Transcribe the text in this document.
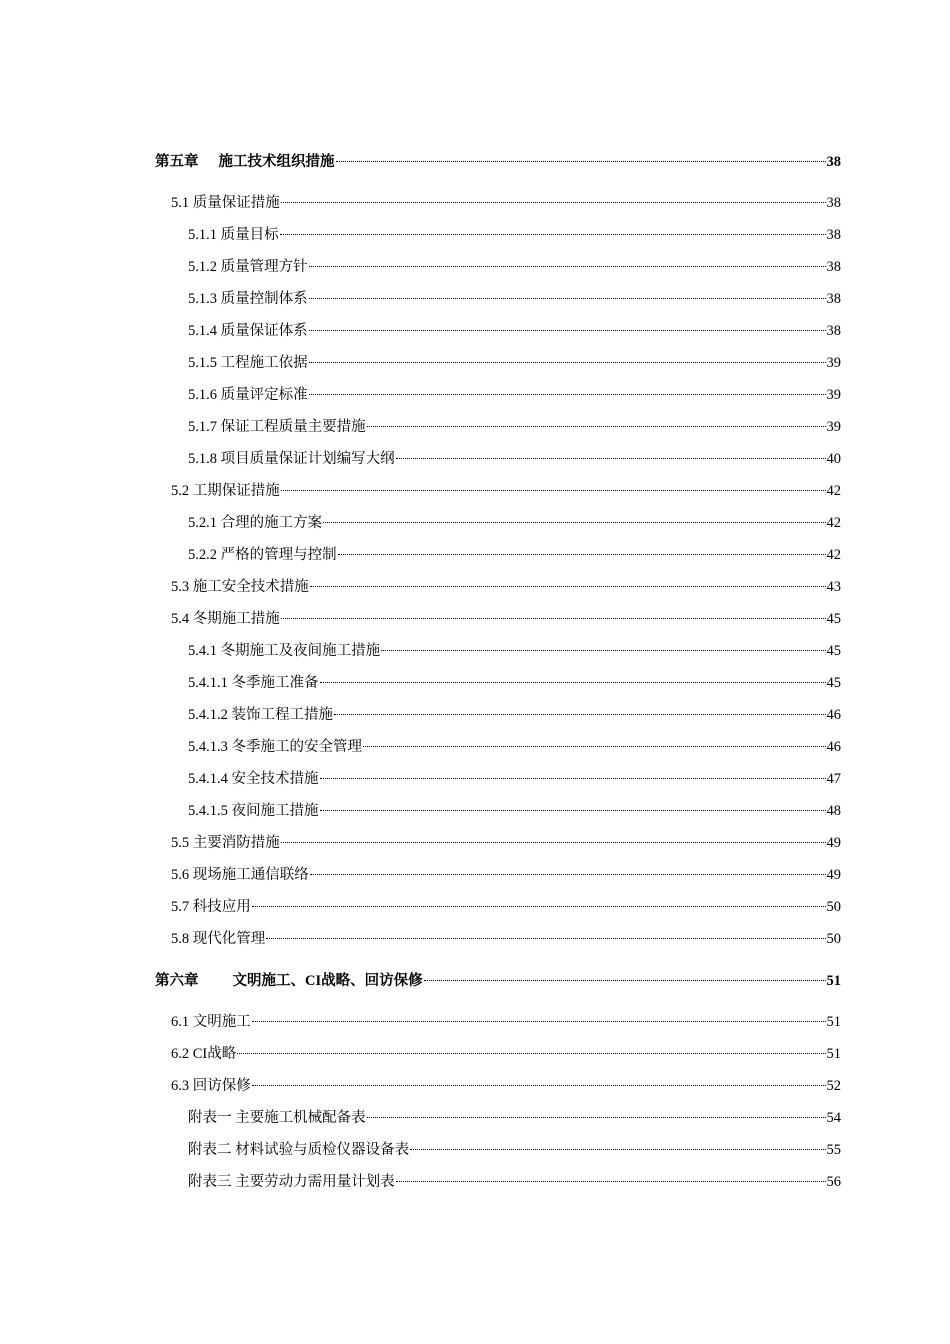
第五章 施工技术组织措施	38
5.1 质量保证措施	38
5.1.1 质量目标	38
5.1.2 质量管理方针	38
5.1.3 质量控制体系	38
5.1.4 质量保证体系	38
5.1.5 工程施工依据	39
5.1.6 质量评定标准	39
5.1.7 保证工程质量主要措施	39
5.1.8 项目质量保证计划编写大纲	40
5.2 工期保证措施	42
5.2.1 合理的施工方案	42
5.2.2 严格的管理与控制	42
5.3 施工安全技术措施	43
5.4 冬期施工措施	45
5.4.1 冬期施工及夜间施工措施	45
5.4.1.1 冬季施工准备	45
5.4.1.2 装饰工程工措施	46
5.4.1.3 冬季施工的安全管理	46
5.4.1.4 安全技术措施	47
5.4.1.5 夜间施工措施	48
5.5 主要消防措施	49
5.6 现场施工通信联络	49
5.7 科技应用	50
5.8 现代化管理	50
第六章 文明施工、CI战略、回访保修	51
6.1 文明施工	51
6.2 CI战略	51
6.3 回访保修	52
附表一 主要施工机械配备表	54
附表二 材料试验与质检仪器设备表	55
附表三 主要劳动力需用量计划表	56
